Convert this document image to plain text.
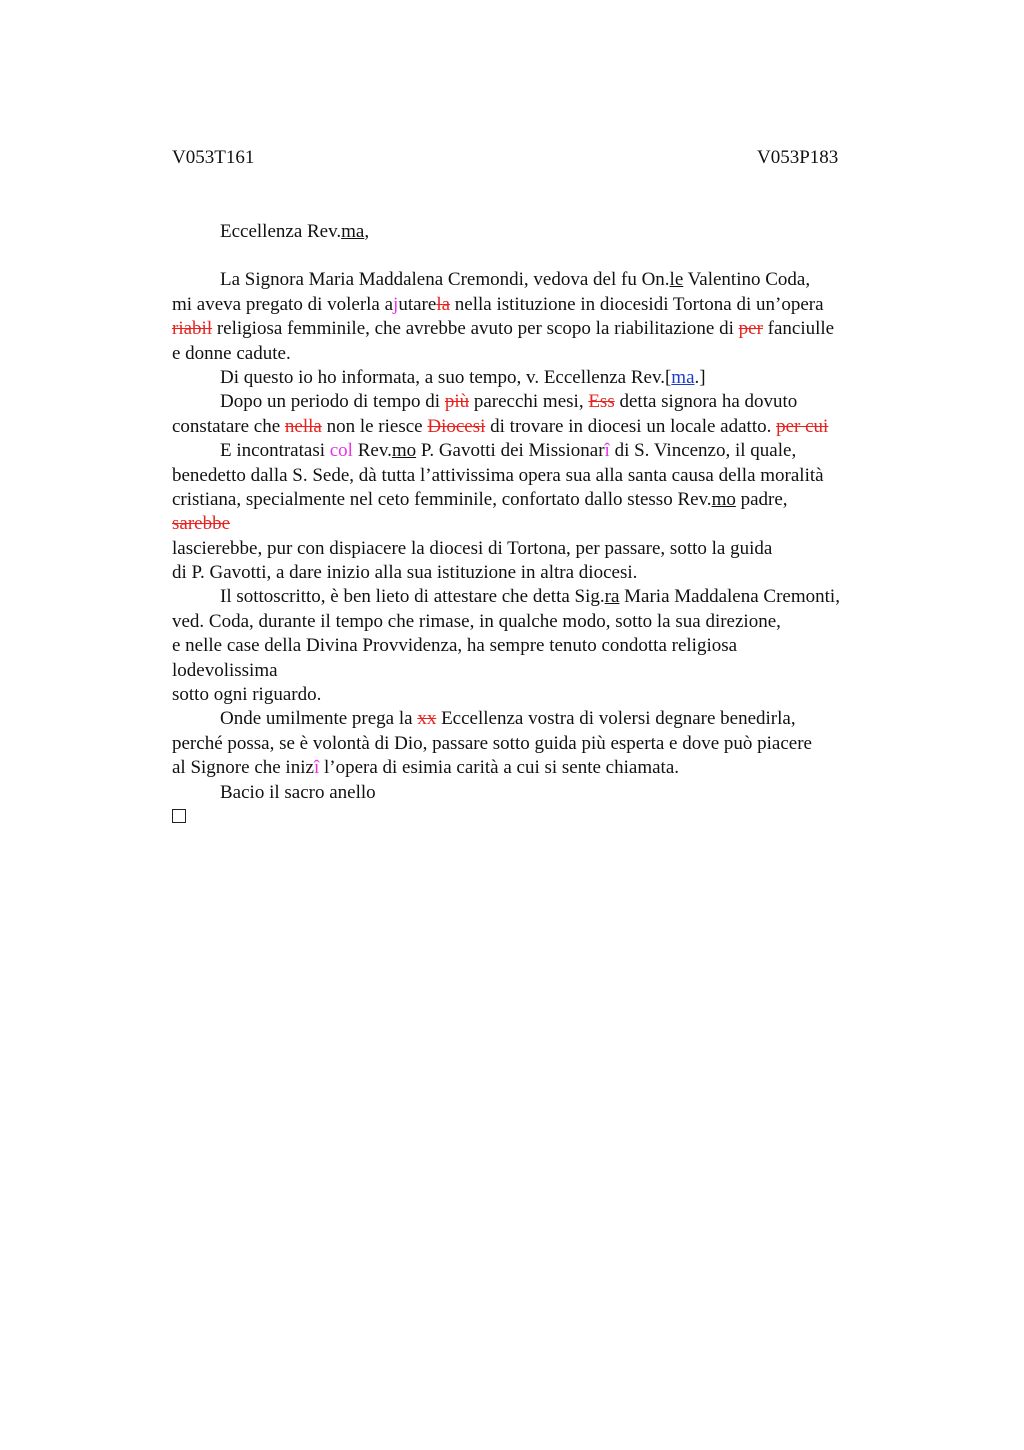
V053T161	V053P183
Eccellenza Rev.ma,
La Signora Maria Maddalena Cremondi, vedova del fu On.le Valentino Coda,
mi aveva pregato di volerla ajutarela nella istituzione in diocesidi Tortona di un’opera
riabil religiosa femminile, che avrebbe avuto per scopo la riabilitazione di per fanciulle
e donne cadute.
Di questo io ho informata, a suo tempo, v. Eccellenza Rev.[ma.]
Dopo un periodo di tempo di più parecchi mesi, Ess detta signora ha dovuto
constatare che nella non le riesce Diocesi di trovare in diocesi un locale adatto. per cui
E incontratasi col Rev.mo P. Gavotti dei Missionarî di S. Vincenzo, il quale,
benedetto dalla S. Sede, dà tutta l’attivissima opera sua alla santa causa della moralità
cristiana, specialmente nel ceto femminile, confortato dallo stesso Rev.mo padre,
sarebbe
lascierebbe, pur con dispiacere la diocesi di Tortona, per passare, sotto la guida
di P. Gavotti, a dare inizio alla sua istituzione in altra diocesi.
Il sottoscritto, è ben lieto di attestare che detta Sig.ra Maria Maddalena Cremonti,
ved. Coda, durante il tempo che rimase, in qualche modo, sotto la sua direzione,
e nelle case della Divina Provvidenza, ha sempre tenuto condotta religiosa
lodevolissima
sotto ogni riguardo.
Onde umilmente prega la xx Eccellenza vostra di volersi degnare benedirla,
perché possa, se è volontà di Dio, passare sotto guida più esperta e dove può piacere
al Signore che inizî l’opera di esimia carità a cui si sente chiamata.
Bacio il sacro anello
